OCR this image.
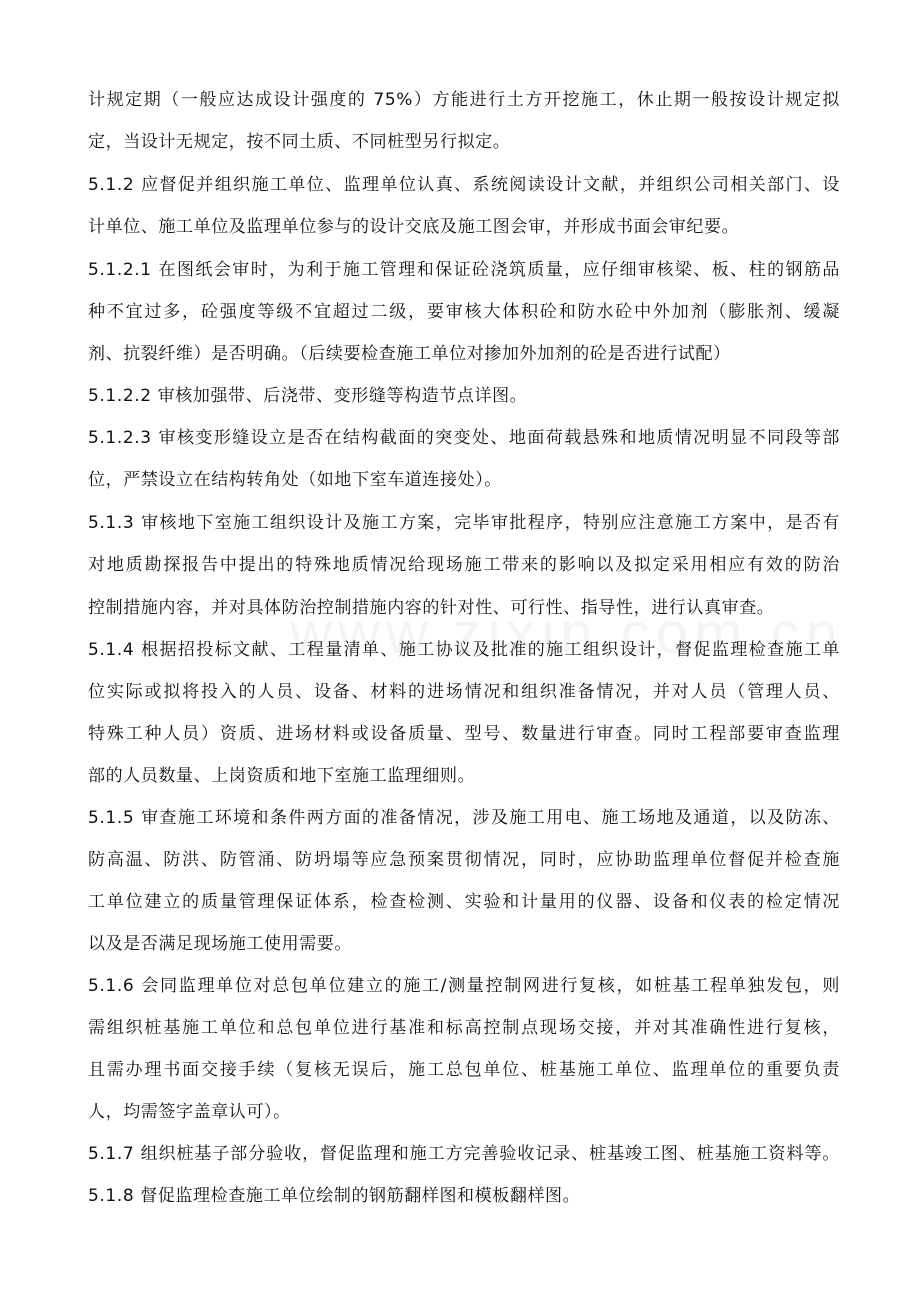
计规定期（一般应达成设计强度的 75%）方能进行土方开挖施工，休止期一般按设计规定拟
定，当设计无规定，按不同土质、不同桩型另行拟定。
5.1.2 应督促并组织施工单位、监理单位认真、系统阅读设计文献，并组织公司相关部门、设
计单位、施工单位及监理单位参与的设计交底及施工图会审，并形成书面会审纪要。
5.1.2.1 在图纸会审时，为利于施工管理和保证砼浇筑质量，应仔细审核梁、板、柱的钢筋品
种不宜过多，砼强度等级不宜超过二级，要审核大体积砼和防水砼中外加剂（膨胀剂、缓凝
剂、抗裂纤维）是否明确。（后续要检查施工单位对掺加外加剂的砼是否进行试配）
5.1.2.2 审核加强带、后浇带、变形缝等构造节点详图。
5.1.2.3 审核变形缝设立是否在结构截面的突变处、地面荷载悬殊和地质情况明显不同段等部
位，严禁设立在结构转角处（如地下室车道连接处）。
5.1.3 审核地下室施工组织设计及施工方案，完毕审批程序，特别应注意施工方案中，是否有
对地质勘探报告中提出的特殊地质情况给现场施工带来的影响以及拟定采用相应有效的防治
控制措施内容，并对具体防治控制措施内容的针对性、可行性、指导性，进行认真审查。
5.1.4 根据招投标文献、工程量清单、施工协议及批准的施工组织设计，督促监理检查施工单
位实际或拟将投入的人员、设备、材料的进场情况和组织准备情况，并对人员（管理人员、
特殊工种人员）资质、进场材料或设备质量、型号、数量进行审查。同时工程部要审查监理
部的人员数量、上岗资质和地下室施工监理细则。
5.1.5 审查施工环境和条件两方面的准备情况，涉及施工用电、施工场地及通道，以及防冻、
防高温、防洪、防管涌、防坍塌等应急预案贯彻情况，同时，应协助监理单位督促并检查施
工单位建立的质量管理保证体系，检查检测、实验和计量用的仪器、设备和仪表的检定情况
以及是否满足现场施工使用需要。
5.1.6 会同监理单位对总包单位建立的施工/测量控制网进行复核，如桩基工程单独发包，则
需组织桩基施工单位和总包单位进行基准和标高控制点现场交接，并对其准确性进行复核，
且需办理书面交接手续（复核无误后，施工总包单位、桩基施工单位、监理单位的重要负责
人，均需签字盖章认可）。
5.1.7 组织桩基子部分验收，督促监理和施工方完善验收记录、桩基竣工图、桩基施工资料等。
5.1.8 督促监理检查施工单位绘制的钢筋翻样图和模板翻样图。
